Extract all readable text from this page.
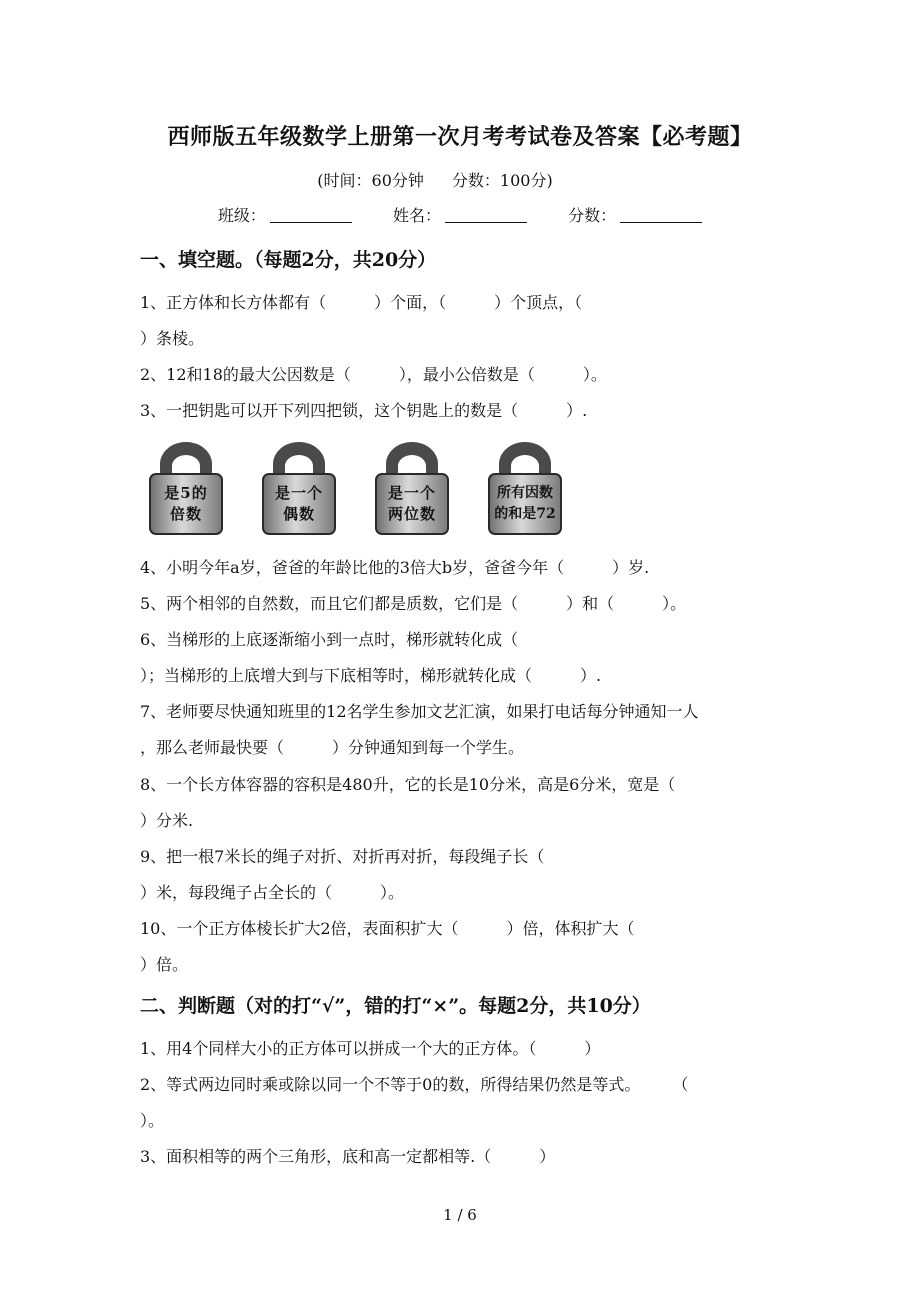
西师版五年级数学上册第一次月考考试卷及答案【必考题】
(时间：60分钟 分数：100分)
班级：	姓名：	分数：
一、填空题。（每题2分，共20分）
1、正方体和长方体都有（　　　）个面，（　　　）个顶点，（
）条棱。
2、12和18的最大公因数是（　　　），最小公倍数是（　　　）。
3、一把钥匙可以开下列四把锁，这个钥匙上的数是（　　　）.
是5的
倍数
是一个
偶数
是一个
两位数
所有因数
的和是72
4、小明今年a岁，爸爸的年龄比他的3倍大b岁，爸爸今年（　　　）岁.
5、两个相邻的自然数，而且它们都是质数，它们是（　　　）和（　　　）。
6、当梯形的上底逐渐缩小到一点时，梯形就转化成（
）；当梯形的上底增大到与下底相等时，梯形就转化成（　　　）.
7、老师要尽快通知班里的12名学生参加文艺汇演，如果打电话每分钟通知一人
，那么老师最快要（　　　）分钟通知到每一个学生。
8、一个长方体容器的容积是480升，它的长是10分米，高是6分米，宽是（
）分米.
9、把一根7米长的绳子对折、对折再对折，每段绳子长（
）米，每段绳子占全长的（　　　）。
10、一个正方体棱长扩大2倍，表面积扩大（　　　）倍，体积扩大（
）倍。
二、判断题（对的打“√”，错的打“×”。每题2分，共10分）
1、用4个同样大小的正方体可以拼成一个大的正方体。（　　　）
2、等式两边同时乘或除以同一个不等于0的数，所得结果仍然是等式。　　　（
）。
3、面积相等的两个三角形，底和高一定都相等.（　　　）
1 / 6
